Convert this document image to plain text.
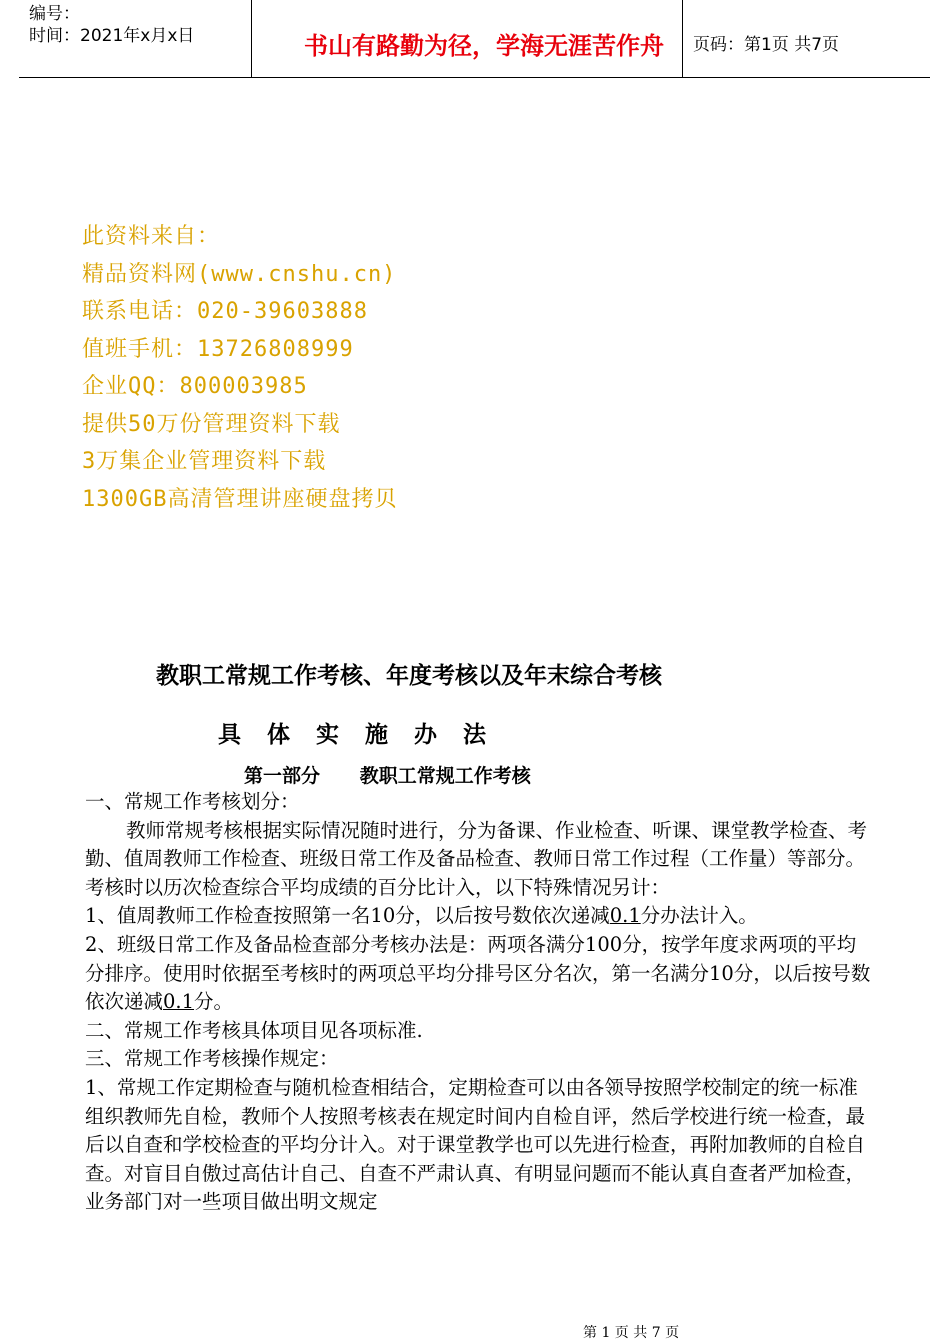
编号：
时间：2021年x月x日	书山有路勤为径，学海无涯苦作舟	页码：第1页 共7页
此资料来自：
精品资料网(www.cnshu.cn)
联系电话：020-39603888
值班手机：13726808999
企业QQ：800003985
提供50万份管理资料下载
3万集企业管理资料下载
1300GB高清管理讲座硬盘拷贝
教职工常规工作考核、年度考核以及年末综合考核
具体实施办法
第一部分      教职工常规工作考核

一、常规工作考核划分：

教师常规考核根据实际情况随时进行，分为备课、作业检查、听课、课堂教学检查、考勤、值周教师工作检查、班级日常工作及备品检查、教师日常工作过程（工作量）等部分。考核时以历次检查综合平均成绩的百分比计入，以下特殊情况另计：

1、值周教师工作检查按照第一名10分，以后按号数依次递减0.1分办法计入。

2、班级日常工作及备品检查部分考核办法是：两项各满分100分，按学年度求两项的平均分排序。使用时依据至考核时的两项总平均分排号区分名次，第一名满分10分，以后按号数依次递减0.1分。

二、常规工作考核具体项目见各项标准.

三、常规工作考核操作规定：

1、常规工作定期检查与随机检查相结合，定期检查可以由各领导按照学校制定的统一标准组织教师先自检，教师个人按照考核表在规定时间内自检自评，然后学校进行统一检查，最后以自查和学校检查的平均分计入。对于课堂教学也可以先进行检查，再附加教师的自检自查。对盲目自傲过高估计自己、自查不严肃认真、有明显问题而不能认真自查者严加检查，业务部门对一些项目做出明文规定

第 1 页 共 7 页
